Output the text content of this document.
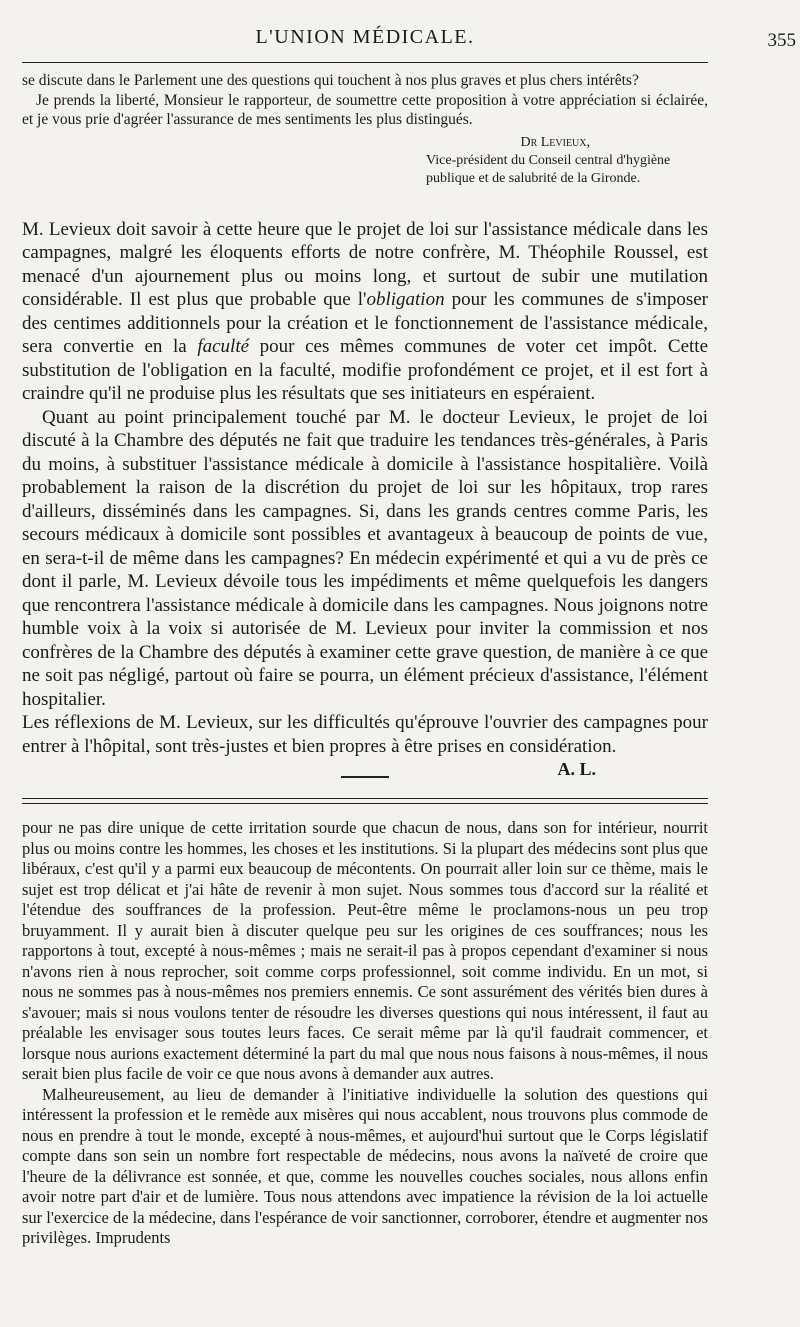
L'UNION MÉDICALE.	355

se discute dans le Parlement une des questions qui touchent à nos plus graves et plus chers intérêts?

Je prends la liberté, Monsieur le rapporteur, de soumettre cette proposition à votre appréciation si éclairée, et je vous prie d'agréer l'assurance de mes sentiments les plus distingués.

Dr Levieux,
Vice-président du Conseil central d'hygiène publique et de salubrité de la Gironde.

M. Levieux doit savoir à cette heure que le projet de loi sur l'assistance médicale dans les campagnes, malgré les éloquents efforts de notre confrère, M. Théophile Roussel, est menacé d'un ajournement plus ou moins long, et surtout de subir une mutilation considérable. Il est plus que probable que l'obligation pour les communes de s'imposer des centimes additionnels pour la création et le fonctionnement de l'assistance médicale, sera convertie en la faculté pour ces mêmes communes de voter cet impôt. Cette substitution de l'obligation en la faculté, modifie profondément ce projet, et il est fort à craindre qu'il ne produise plus les résultats que ses initiateurs en espéraient.

Quant au point principalement touché par M. le docteur Levieux, le projet de loi discuté à la Chambre des députés ne fait que traduire les tendances très-générales, à Paris du moins, à substituer l'assistance médicale à domicile à l'assistance hospitalière. Voilà probablement la raison de la discrétion du projet de loi sur les hôpitaux, trop rares d'ailleurs, disséminés dans les campagnes. Si, dans les grands centres comme Paris, les secours médicaux à domicile sont possibles et avantageux à beaucoup de points de vue, en sera-t-il de même dans les campagnes? En médecin expérimenté et qui a vu de près ce dont il parle, M. Levieux dévoile tous les impédiments et même quelquefois les dangers que rencontrera l'assistance médicale à domicile dans les campagnes. Nous joignons notre humble voix à la voix si autorisée de M. Levieux pour inviter la commission et nos confrères de la Chambre des députés à examiner cette grave question, de manière à ce que ne soit pas négligé, partout où faire se pourra, un élément précieux d'assistance, l'élément hospitalier.

Les réflexions de M. Levieux, sur les difficultés qu'éprouve l'ouvrier des campagnes pour entrer à l'hôpital, sont très-justes et bien propres à être prises en considération.
A. L.

pour ne pas dire unique de cette irritation sourde que chacun de nous, dans son for intérieur, nourrit plus ou moins contre les hommes, les choses et les institutions. Si la plupart des médecins sont plus que libéraux, c'est qu'il y a parmi eux beaucoup de mécontents. On pourrait aller loin sur ce thème, mais le sujet est trop délicat et j'ai hâte de revenir à mon sujet. Nous sommes tous d'accord sur la réalité et l'étendue des souffrances de la profession. Peut-être même le proclamons-nous un peu trop bruyamment. Il y aurait bien à discuter quelque peu sur les origines de ces souffrances; nous les rapportons à tout, excepté à nous-mêmes ; mais ne serait-il pas à propos cependant d'examiner si nous n'avons rien à nous reprocher, soit comme corps professionnel, soit comme individu. En un mot, si nous ne sommes pas à nous-mêmes nos premiers ennemis. Ce sont assurément des vérités bien dures à s'avouer; mais si nous voulons tenter de résoudre les diverses questions qui nous intéressent, il faut au préalable les envisager sous toutes leurs faces. Ce serait même par là qu'il faudrait commencer, et lorsque nous aurions exactement déterminé la part du mal que nous nous faisons à nous-mêmes, il nous serait bien plus facile de voir ce que nous avons à demander aux autres.

Malheureusement, au lieu de demander à l'initiative individuelle la solution des questions qui intéressent la profession et le remède aux misères qui nous accablent, nous trouvons plus commode de nous en prendre à tout le monde, excepté à nous-mêmes, et aujourd'hui surtout que le Corps législatif compte dans son sein un nombre fort respectable de médecins, nous avons la naïveté de croire que l'heure de la délivrance est sonnée, et que, comme les nouvelles couches sociales, nous allons enfin avoir notre part d'air et de lumière. Tous nous attendons avec impatience la révision de la loi actuelle sur l'exercice de la médecine, dans l'espérance de voir sanctionner, corroborer, étendre et augmenter nos privilèges. Imprudents
